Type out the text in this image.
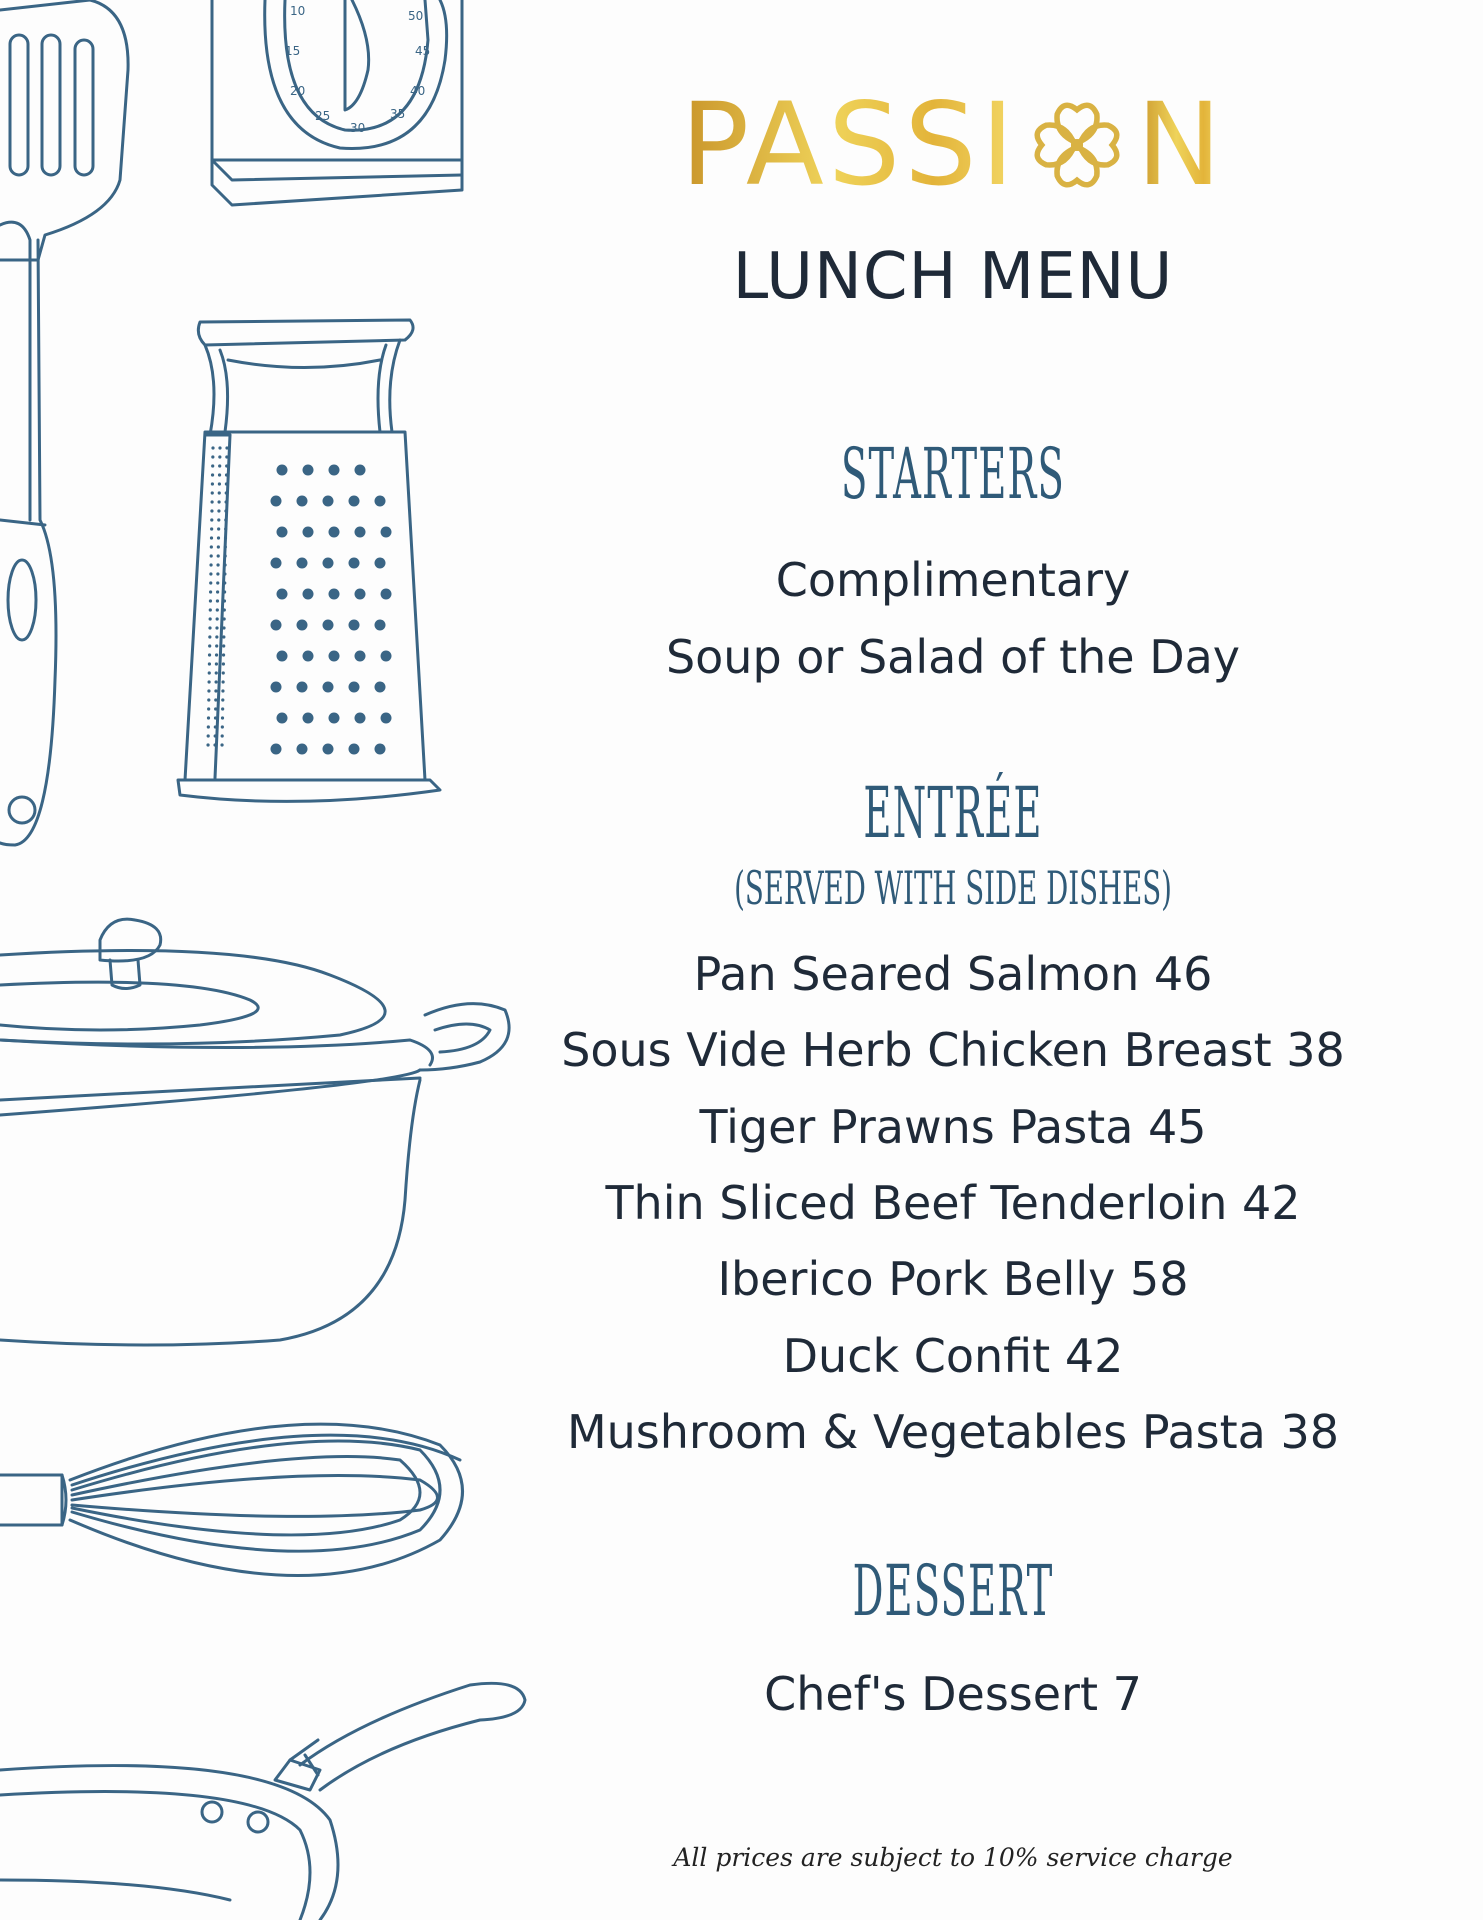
10	50
15	45
20	40
25	35
30	PASSI N
LUNCH MENU
STARTERS
Complimentary
Soup or Salad of the Day
ENTRÉE
(SERVED WITH SIDE DISHES)
Pan Seared Salmon 46
Sous Vide Herb Chicken Breast 38
Tiger Prawns Pasta 45
Thin Sliced Beef Tenderloin 42
Iberico Pork Belly 58
Duck Confit 42
Mushroom & Vegetables Pasta 38
DESSERT
Chef's Dessert 7
All prices are subject to 10% service charge
